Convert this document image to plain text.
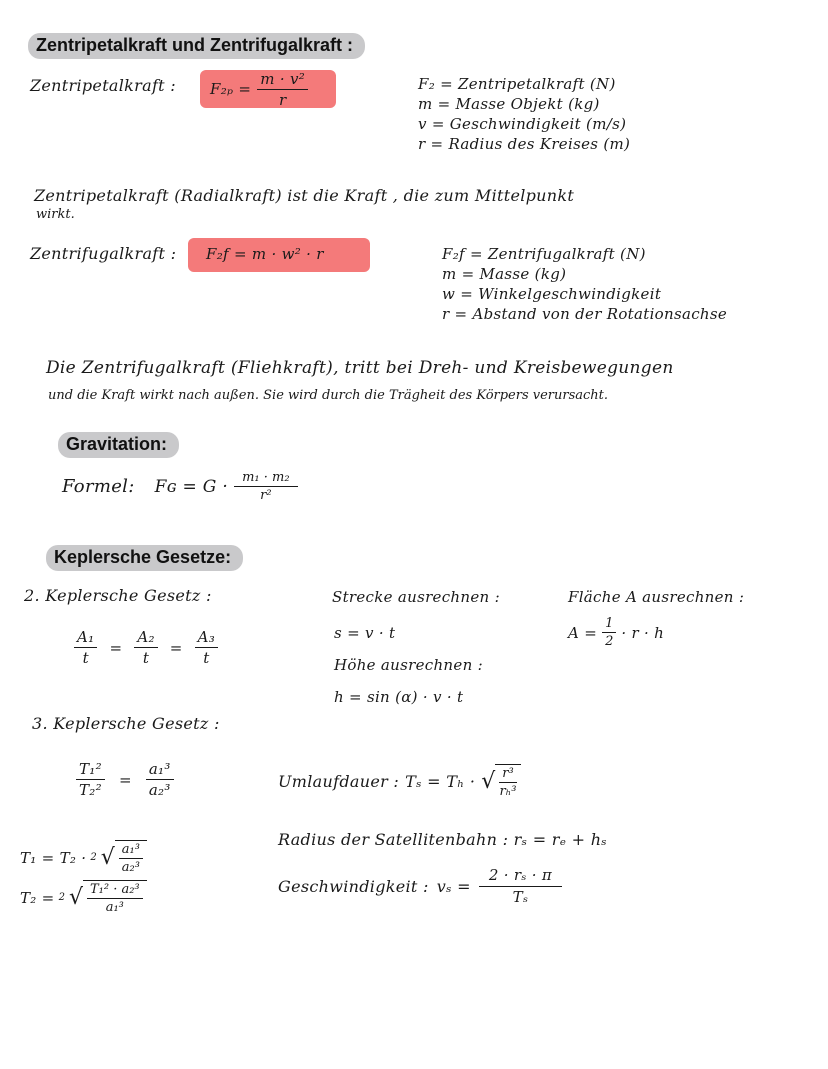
Zentripetalkraft und Zentrifugalkraft :
Zentripetalkraft : $F_{2p} = \frac{\text{m · v²}}{r}$	F₂ = Zentripetalkraft (N)
m = Masse Objekt (kg)
v = Geschwindigkeit (m/s)
r = Radius des Kreises (m)
Zentripetalkraft (Radialkraft) ist die Kraft , die zum Mittelpunkt
wirkt.
Zentrifugalkraft :	F₂f = m · w² · r	F₂f = Zentrifugalkraft (N)
m = Masse (kg)
w = Winkelgeschwindigkeit
r = Abstand von der Rotationsachse
Die Zentrifugalkraft (Fliehkraft), tritt bei Dreh- und Kreisbewegungen
und die Kraft wirkt nach außen. Sie wird durch die Trägheit des Körpers verursacht.
Gravitation:
Formel: Fɢ = $G \cdot \frac{\text{m₁ · m₂}}{\text{r²}}$
Keplersche Gesetze:
2. Keplersche Gesetz :
$\frac{\text{A₁}}{t} = \frac{\text{A₂}}{t} = \frac{\text{A₃}}{t}$
Strecke ausrechnen :
s = v · t
Höhe ausrechnen :
h = sin (α) · v · t
Fläche A ausrechnen :
$A = \frac{1}{2} \cdot r \cdot h$
3. Keplersche Gesetz :
$\frac{\text{T₁²}}{\text{T₂²}} = \frac{\text{a₁³}}{\text{a₂³}}$
T₁ = T₂ · 2 √ $\frac{\text{a₁³}}{\text{a₂³}}$
T₂ = 2 √ $\frac{\text{T₁² · a₂³}}{\text{a₁³}}$
Umlaufdauer : Tₛ = Tₕ · √ $\frac{\text{r³}}{\text{rₕ³}}$
Radius der Satellitenbahn : rₛ = rₑ + hₛ
Geschwindigkeit : $v_s = \frac{\text{2 · rₛ · π}}{\text{Tₛ}}$
